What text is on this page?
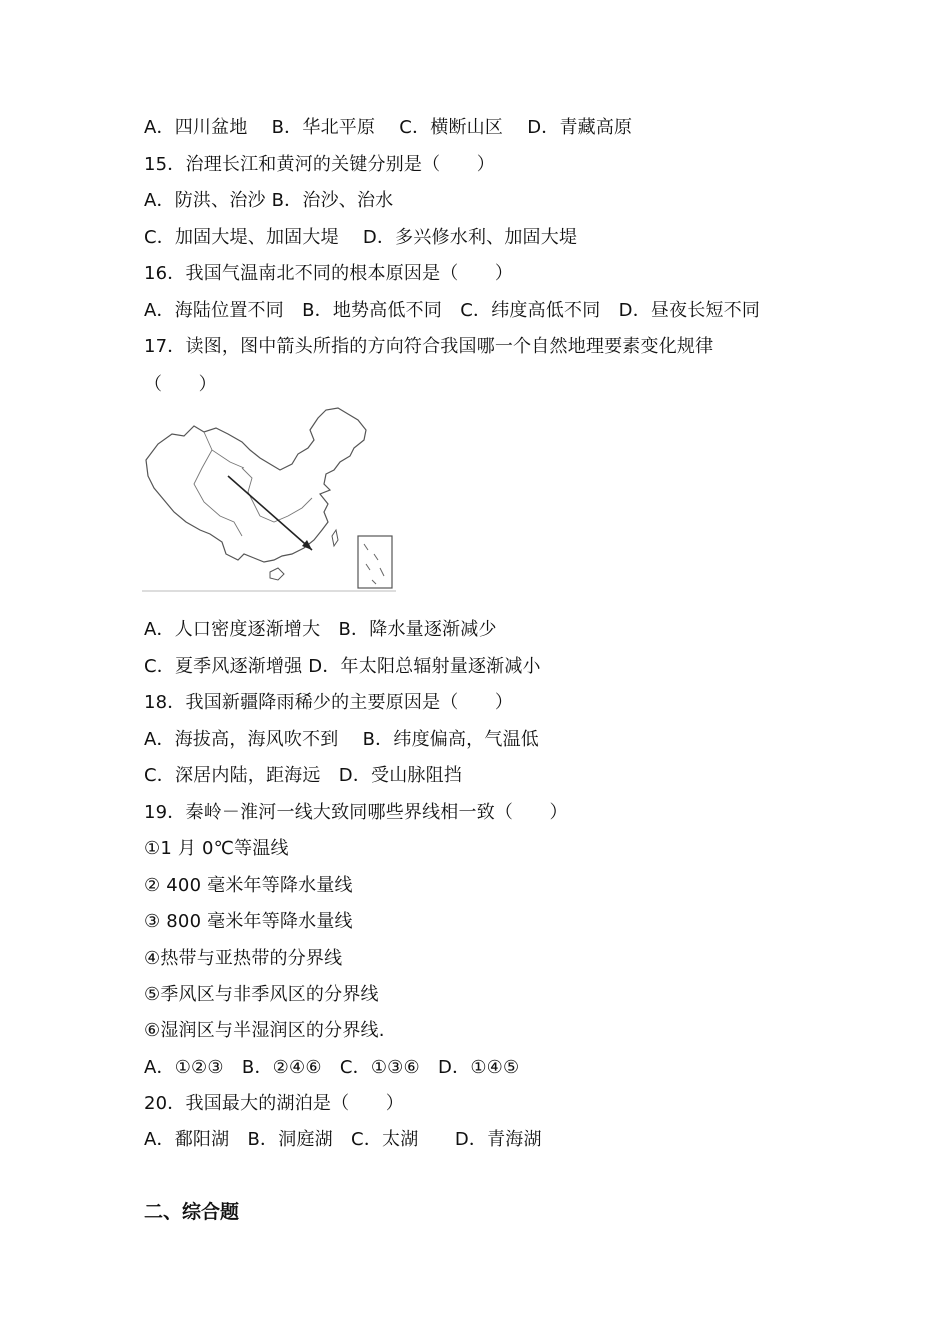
A．四川盆地　 B．华北平原　 C．横断山区　 D．青藏高原
15．治理长江和黄河的关键分别是（　　）
A．防洪、治沙 B．治沙、治水
C．加固大堤、加固大堤　 D．多兴修水利、加固大堤
16．我国气温南北不同的根本原因是（　　）
A．海陆位置不同　B．地势高低不同　C．纬度高低不同　D．昼夜长短不同
17．读图，图中箭头所指的方向符合我国哪一个自然地理要素变化规律
（　　）
A．人口密度逐渐增大　B．降水量逐渐减少
C．夏季风逐渐增强 D．年太阳总辐射量逐渐减小
18．我国新疆降雨稀少的主要原因是（　　）
A．海拔高，海风吹不到　 B．纬度偏高，气温低
C．深居内陆，距海远　D．受山脉阻挡
19．秦岭－淮河一线大致同哪些界线相一致（　　）
①1 月 0℃等温线
② 400 毫米年等降水量线
③ 800 毫米年等降水量线
④热带与亚热带的分界线
⑤季风区与非季风区的分界线
⑥湿润区与半湿润区的分界线.
A．①②③　B．②④⑥　C．①③⑥　D．①④⑤
20．我国最大的湖泊是（　　）
A．鄱阳湖　B．洞庭湖　C．太湖　　D．青海湖
二、综合题
